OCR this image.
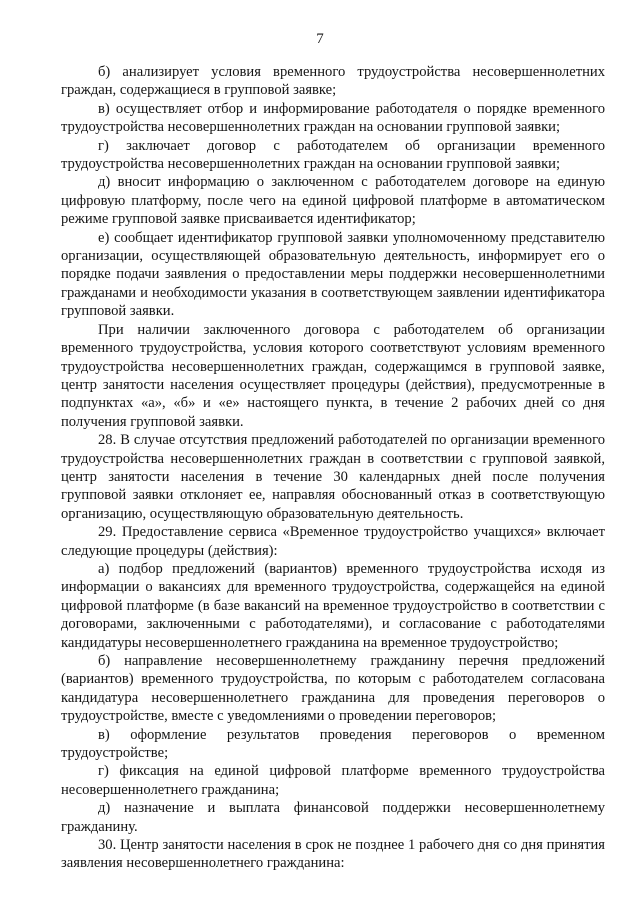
7

б) анализирует условия временного трудоустройства несовершеннолетних граждан, содержащиеся в групповой заявке;

в) осуществляет отбор и информирование работодателя о порядке временного трудоустройства несовершеннолетних граждан на основании групповой заявки;

г) заключает договор с работодателем об организации временного трудоустройства несовершеннолетних граждан на основании групповой заявки;

д) вносит информацию о заключенном с работодателем договоре на единую цифровую платформу, после чего на единой цифровой платформе в автоматическом режиме групповой заявке присваивается идентификатор;

е) сообщает идентификатор групповой заявки уполномоченному представителю организации, осуществляющей образовательную деятельность, информирует его о порядке подачи заявления о предоставлении меры поддержки несовершеннолетними гражданами и необходимости указания в соответствующем заявлении идентификатора групповой заявки.

При наличии заключенного договора с работодателем об организации временного трудоустройства, условия которого соответствуют условиям временного трудоустройства несовершеннолетних граждан, содержащимся в групповой заявке, центр занятости населения осуществляет процедуры (действия), предусмотренные в подпунктах «а», «б» и «е» настоящего пункта, в течение 2 рабочих дней со дня получения групповой заявки.

28. В случае отсутствия предложений работодателей по организации временного трудоустройства несовершеннолетних граждан в соответствии с групповой заявкой, центр занятости населения в течение 30 календарных дней после получения групповой заявки отклоняет ее, направляя обоснованный отказ в соответствующую организацию, осуществляющую образовательную деятельность.

29. Предоставление сервиса «Временное трудоустройство учащихся» включает следующие процедуры (действия):

а) подбор предложений (вариантов) временного трудоустройства исходя из информации о вакансиях для временного трудоустройства, содержащейся на единой цифровой платформе (в базе вакансий на временное трудоустройство в соответствии с договорами, заключенными с работодателями), и согласование с работодателями кандидатуры несовершеннолетнего гражданина на временное трудоустройство;

б) направление несовершеннолетнему гражданину перечня предложений (вариантов) временного трудоустройства, по которым с работодателем согласована кандидатура несовершеннолетнего гражданина для проведения переговоров о трудоустройстве, вместе с уведомлениями о проведении переговоров;

в) оформление результатов проведения переговоров о временном трудоустройстве;

г) фиксация на единой цифровой платформе временного трудоустройства несовершеннолетнего гражданина;

д) назначение и выплата финансовой поддержки несовершеннолетнему гражданину.

30. Центр занятости населения в срок не позднее 1 рабочего дня со дня принятия заявления несовершеннолетнего гражданина:
